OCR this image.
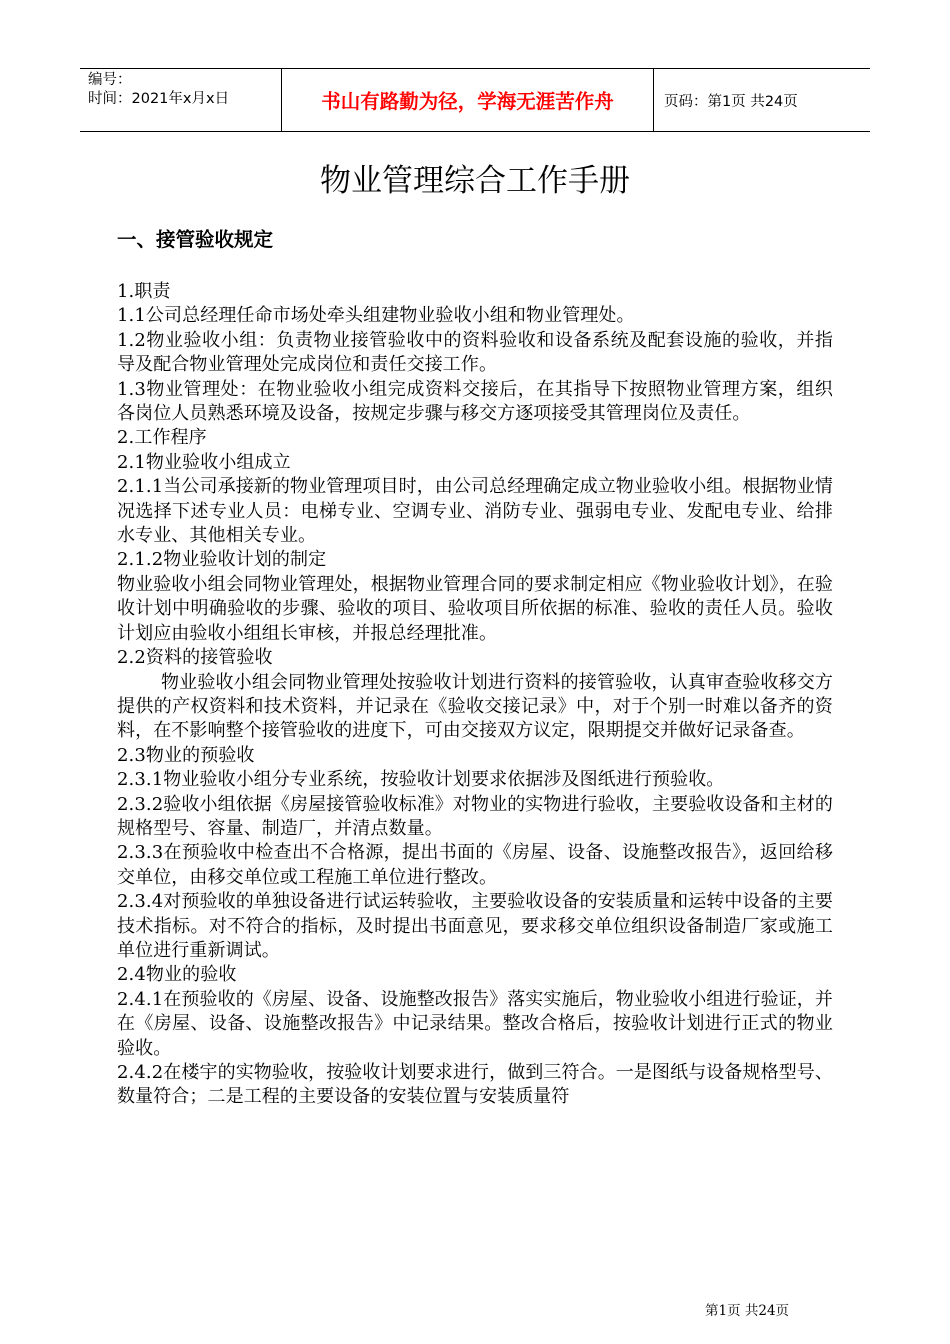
编号：
时间：2021年x月x日	书山有路勤为径，学海无涯苦作舟	页码：第1页 共24页
物业管理综合工作手册
一、接管验收规定

1.职责

1.1公司总经理任命市场处牵头组建物业验收小组和物业管理处。

1.2物业验收小组：负责物业接管验收中的资料验收和设备系统及配套设施的验收，并指导及配合物业管理处完成岗位和责任交接工作。

1.3物业管理处：在物业验收小组完成资料交接后，在其指导下按照物业管理方案，组织各岗位人员熟悉环境及设备，按规定步骤与移交方逐项接受其管理岗位及责任。

2.工作程序

2.1物业验收小组成立

2.1.1当公司承接新的物业管理项目时，由公司总经理确定成立物业验收小组。根据物业情况选择下述专业人员：电梯专业、空调专业、消防专业、强弱电专业、发配电专业、给排水专业、其他相关专业。

2.1.2物业验收计划的制定

物业验收小组会同物业管理处，根据物业管理合同的要求制定相应《物业验收计划》，在验收计划中明确验收的步骤、验收的项目、验收项目所依据的标准、验收的责任人员。验收计划应由验收小组组长审核，并报总经理批准。

2.2资料的接管验收

物业验收小组会同物业管理处按验收计划进行资料的接管验收，认真审查验收移交方提供的产权资料和技术资料，并记录在《验收交接记录》中，对于个别一时难以备齐的资料，在不影响整个接管验收的进度下，可由交接双方议定，限期提交并做好记录备查。

2.3物业的预验收

2.3.1物业验收小组分专业系统，按验收计划要求依据涉及图纸进行预验收。

2.3.2验收小组依据《房屋接管验收标准》对物业的实物进行验收，主要验收设备和主材的规格型号、容量、制造厂，并清点数量。

2.3.3在预验收中检查出不合格源，提出书面的《房屋、设备、设施整改报告》，返回给移交单位，由移交单位或工程施工单位进行整改。

2.3.4对预验收的单独设备进行试运转验收，主要验收设备的安装质量和运转中设备的主要技术指标。对不符合的指标，及时提出书面意见，要求移交单位组织设备制造厂家或施工单位进行重新调试。

2.4物业的验收

2.4.1在预验收的《房屋、设备、设施整改报告》落实实施后，物业验收小组进行验证，并在《房屋、设备、设施整改报告》中记录结果。整改合格后，按验收计划进行正式的物业验收。

2.4.2在楼宇的实物验收，按验收计划要求进行，做到三符合。一是图纸与设备规格型号、数量符合；二是工程的主要设备的安装位置与安装质量符

第1页 共24页
